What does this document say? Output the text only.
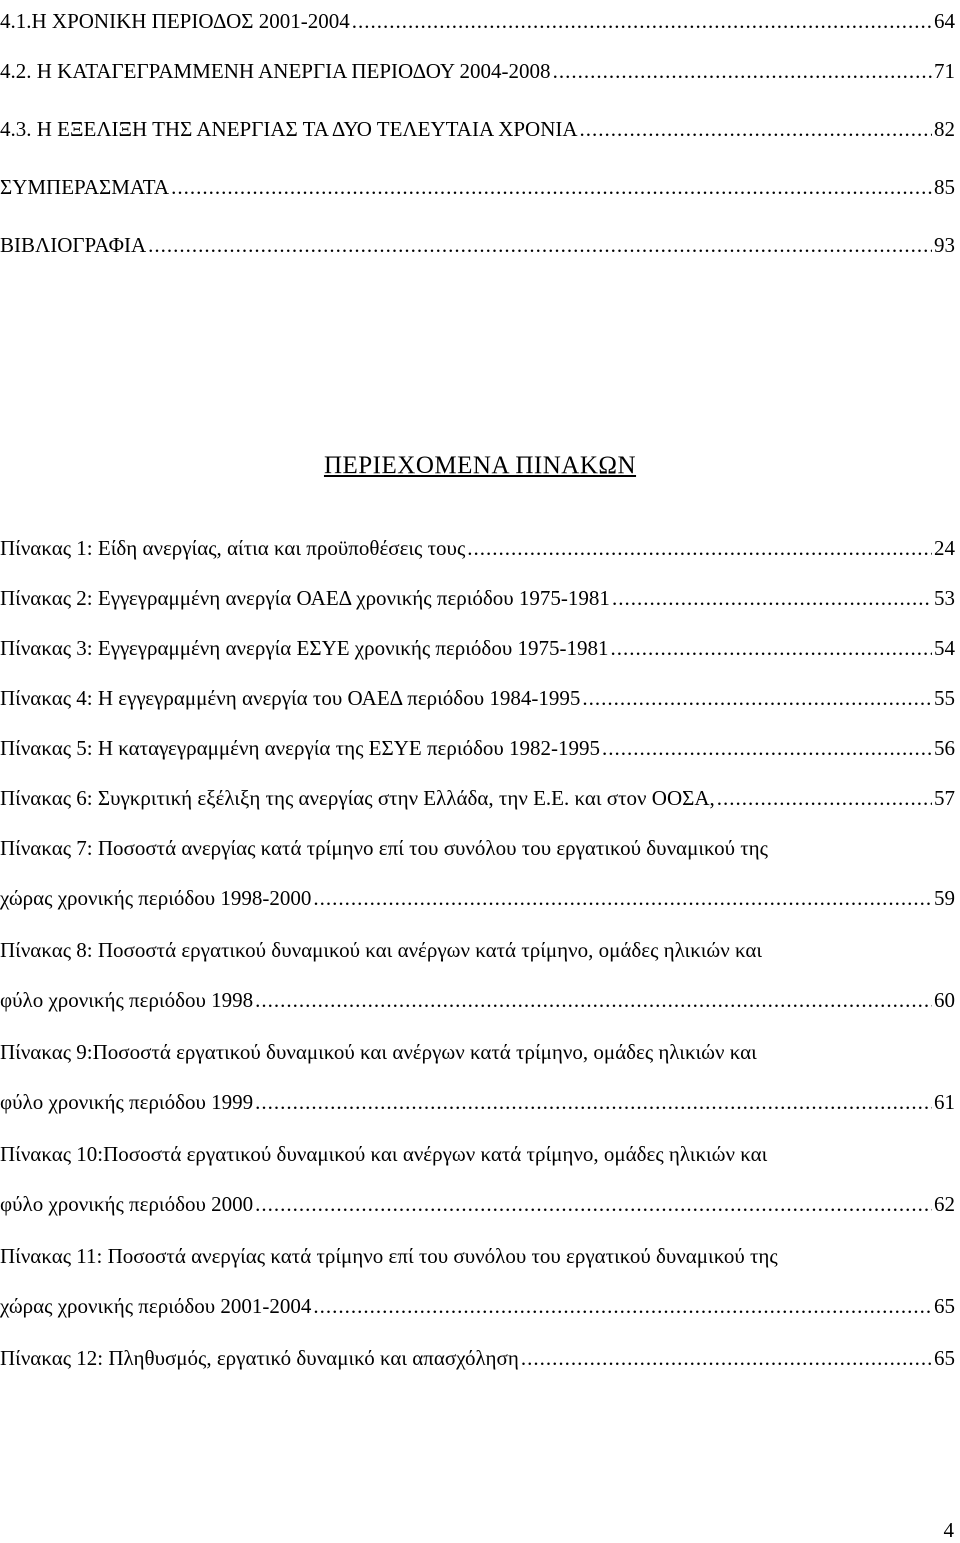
4.1.Η ΧΡΟΝΙΚΗ ΠΕΡΙΟΔΟΣ 2001-2004 .....	64
4.2. Η ΚΑΤΑΓΕΓΡΑΜΜΕΝΗ ΑΝΕΡΓΙΑ ΠΕΡΙΟΔΟΥ 2004-2008 .....	71
4.3. Η ΕΞΕΛΙΞΗ ΤΗΣ ΑΝΕΡΓΙΑΣ ΤΑ ΔΥΟ ΤΕΛΕΥΤΑΙΑ ΧΡΟΝΙΑ .....	82
ΣΥΜΠΕΡΑΣΜΑΤΑ .....	85
ΒΙΒΛΙΟΓΡΑΦΙΑ .....	93
ΠΕΡΙΕΧΟΜΕΝΑ ΠΙΝΑΚΩΝ
Πίνακας 1: Είδη ανεργίας, αίτια και προϋποθέσεις τους .....	24
Πίνακας 2: Εγγεγραμμένη ανεργία ΟΑΕΔ χρονικής περιόδου 1975-1981 .....	53
Πίνακας 3: Εγγεγραμμένη ανεργία ΕΣΥΕ χρονικής περιόδου 1975-1981 .....	54
Πίνακας 4: Η εγγεγραμμένη ανεργία του ΟΑΕΔ περιόδου 1984-1995 .....	55
Πίνακας 5: Η καταγεγραμμένη ανεργία της ΕΣΥΕ περιόδου 1982-1995 .....	56
Πίνακας 6: Συγκριτική εξέλιξη της ανεργίας στην Ελλάδα, την Ε.Ε. και στον ΟΟΣΑ, .....	57
Πίνακας 7: Ποσοστά ανεργίας κατά τρίμηνο επί του συνόλου του εργατικού δυναμικού της
χώρας χρονικής περιόδου 1998-2000 .....	59
Πίνακας 8: Ποσοστά εργατικού δυναμικού και ανέργων κατά τρίμηνο, ομάδες ηλικιών και
φύλο χρονικής περιόδου 1998 .....	60
Πίνακας 9:Ποσοστά εργατικού δυναμικού και ανέργων κατά τρίμηνο, ομάδες ηλικιών και
φύλο χρονικής περιόδου 1999 .....	61
Πίνακας 10:Ποσοστά εργατικού δυναμικού και ανέργων κατά τρίμηνο, ομάδες ηλικιών και
φύλο χρονικής περιόδου 2000 .....	62
Πίνακας 11: Ποσοστά ανεργίας κατά τρίμηνο επί του συνόλου του εργατικού δυναμικού της
χώρας χρονικής περιόδου 2001-2004 .....	65
Πίνακας 12: Πληθυσμός, εργατικό δυναμικό και απασχόληση .....	65
4
